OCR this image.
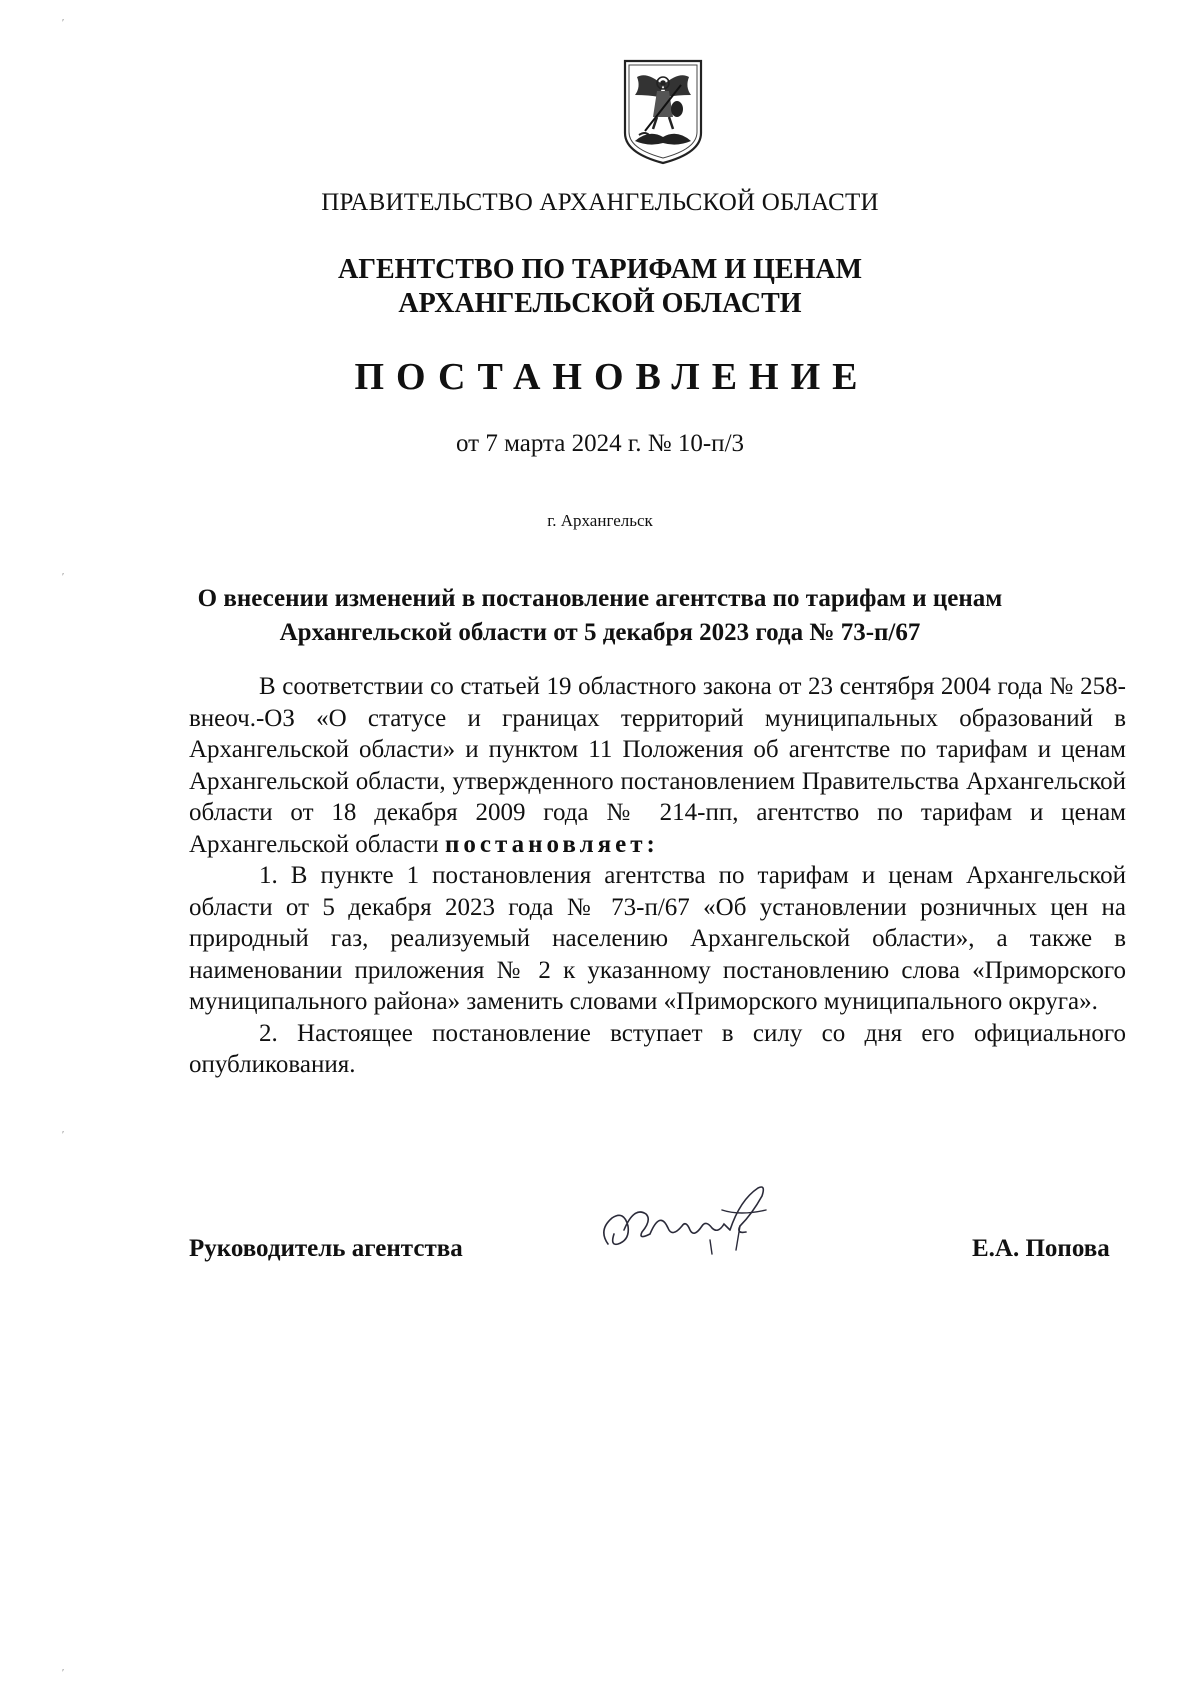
ПРАВИТЕЛЬСТВО АРХАНГЕЛЬСКОЙ ОБЛАСТИ
АГЕНТСТВО ПО ТАРИФАМ И ЦЕНАМ
АРХАНГЕЛЬСКОЙ ОБЛАСТИ
ПОСТАНОВЛЕНИЕ
от 7 марта 2024 г. № 10-п/3
г. Архангельск
О внесении изменений в постановление агентства по тарифам и ценам
Архангельской области от 5 декабря 2023 года № 73-п/67

В соответствии со статьей 19 областного закона от 23 сентября 2004 года № 258-внеоч.-ОЗ «О статусе и границах территорий муниципальных образований в Архангельской области» и пунктом 11 Положения об агентстве по тарифам и ценам Архангельской области, утвержденного постановлением Правительства Архангельской области от 18 декабря 2009 года № 214-пп, агентство по тарифам и ценам Архангельской области постановляет:

1. В пункте 1 постановления агентства по тарифам и ценам Архангельской области от 5 декабря 2023 года № 73-п/67 «Об установлении розничных цен на природный газ, реализуемый населению Архангельской области», а также в наименовании приложения № 2 к указанному постановлению слова «Приморского муниципального района» заменить словами «Приморского муниципального округа».

2. Настоящее постановление вступает в силу со дня его официального опубликования.

Руководитель агентства	Е.А. Попова
ʹ
ʹ
ʹ
ʹ
